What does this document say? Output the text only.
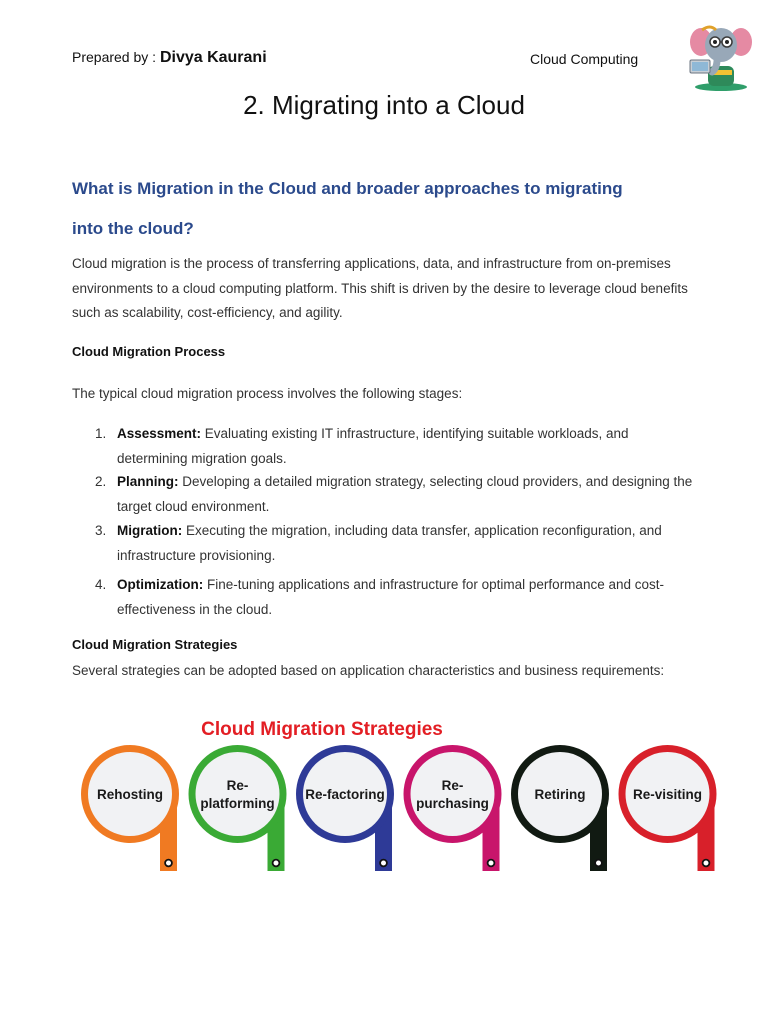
Prepared by : Divya Kaurani	Cloud Computing
2. Migrating into a Cloud
What is Migration in the Cloud and broader approaches to migrating
into the cloud?
Cloud migration is the process of transferring applications, data, and infrastructure from on-premises environments to a cloud computing platform. This shift is driven by the desire to leverage cloud benefits such as scalability, cost-efficiency, and agility.
Cloud Migration Process
The typical cloud migration process involves the following stages:
1. Assessment: Evaluating existing IT infrastructure, identifying suitable workloads, and determining migration goals.
2. Planning: Developing a detailed migration strategy, selecting cloud providers, and designing the target cloud environment.
3. Migration: Executing the migration, including data transfer, application reconfiguration, and infrastructure provisioning.
4. Optimization: Fine-tuning applications and infrastructure for optimal performance and cost-effectiveness in the cloud.
Cloud Migration Strategies
Several strategies can be adopted based on application characteristics and business requirements:
Cloud Migration Strategies
Rehosting
Re-
platforming
Re-factoring
Re-
purchasing
Retiring	Re-visiting
